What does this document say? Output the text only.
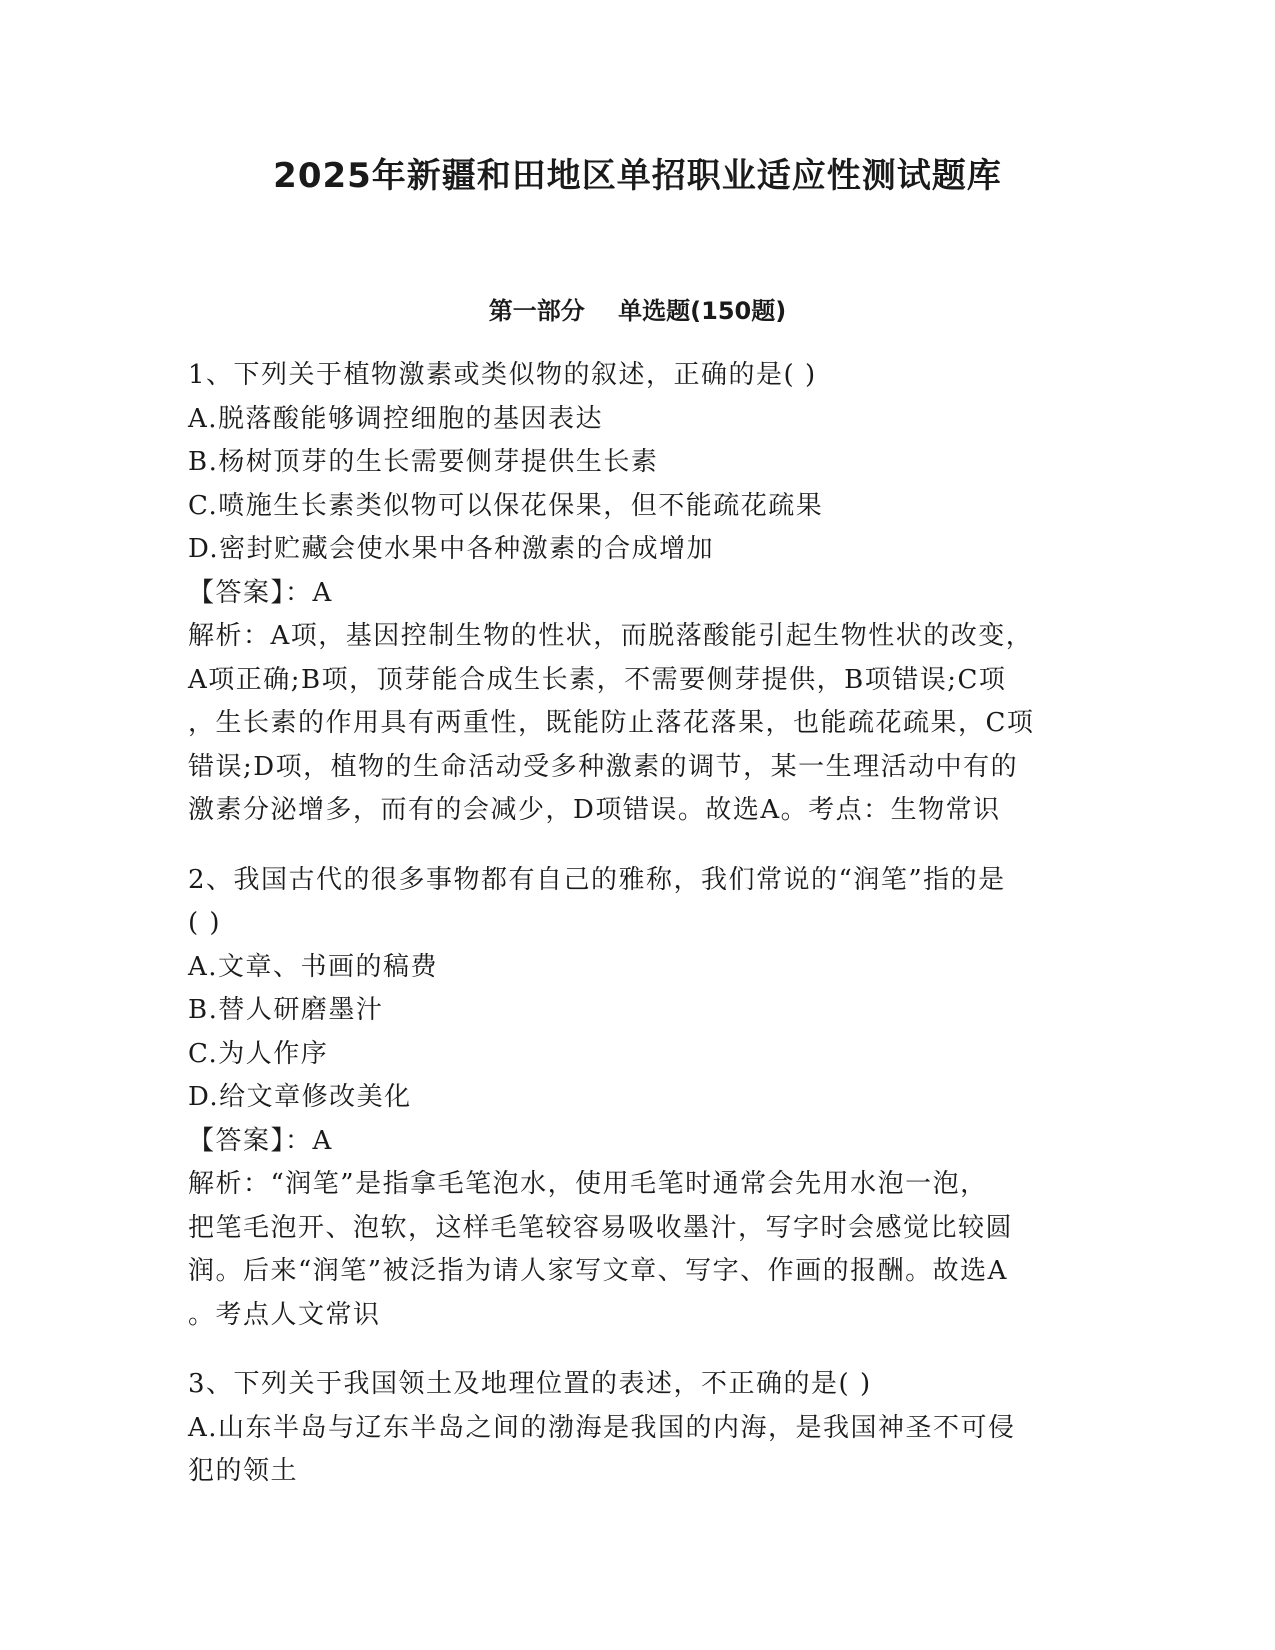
2025年新疆和田地区单招职业适应性测试题库
第一部分    单选题(150题)
1、下列关于植物激素或类似物的叙述，正确的是( )
A.脱落酸能够调控细胞的基因表达
B.杨树顶芽的生长需要侧芽提供生长素
C.喷施生长素类似物可以保花保果，但不能疏花疏果
D.密封贮藏会使水果中各种激素的合成增加
【答案】：A
解析：A项，基因控制生物的性状，而脱落酸能引起生物性状的改变，
A项正确;B项，顶芽能合成生长素，不需要侧芽提供，B项错误;C项
，生长素的作用具有两重性，既能防止落花落果，也能疏花疏果，C项
错误;D项，植物的生命活动受多种激素的调节，某一生理活动中有的
激素分泌增多，而有的会减少，D项错误。故选A。考点：生物常识
2、我国古代的很多事物都有自己的雅称，我们常说的“润笔”指的是
( )
A.文章、书画的稿费
B.替人研磨墨汁
C.为人作序
D.给文章修改美化
【答案】：A
解析：“润笔”是指拿毛笔泡水，使用毛笔时通常会先用水泡一泡，
把笔毛泡开、泡软，这样毛笔较容易吸收墨汁，写字时会感觉比较圆
润。后来“润笔”被泛指为请人家写文章、写字、作画的报酬。故选A
。考点人文常识
3、下列关于我国领土及地理位置的表述，不正确的是( )
A.山东半岛与辽东半岛之间的渤海是我国的内海，是我国神圣不可侵
犯的领土
